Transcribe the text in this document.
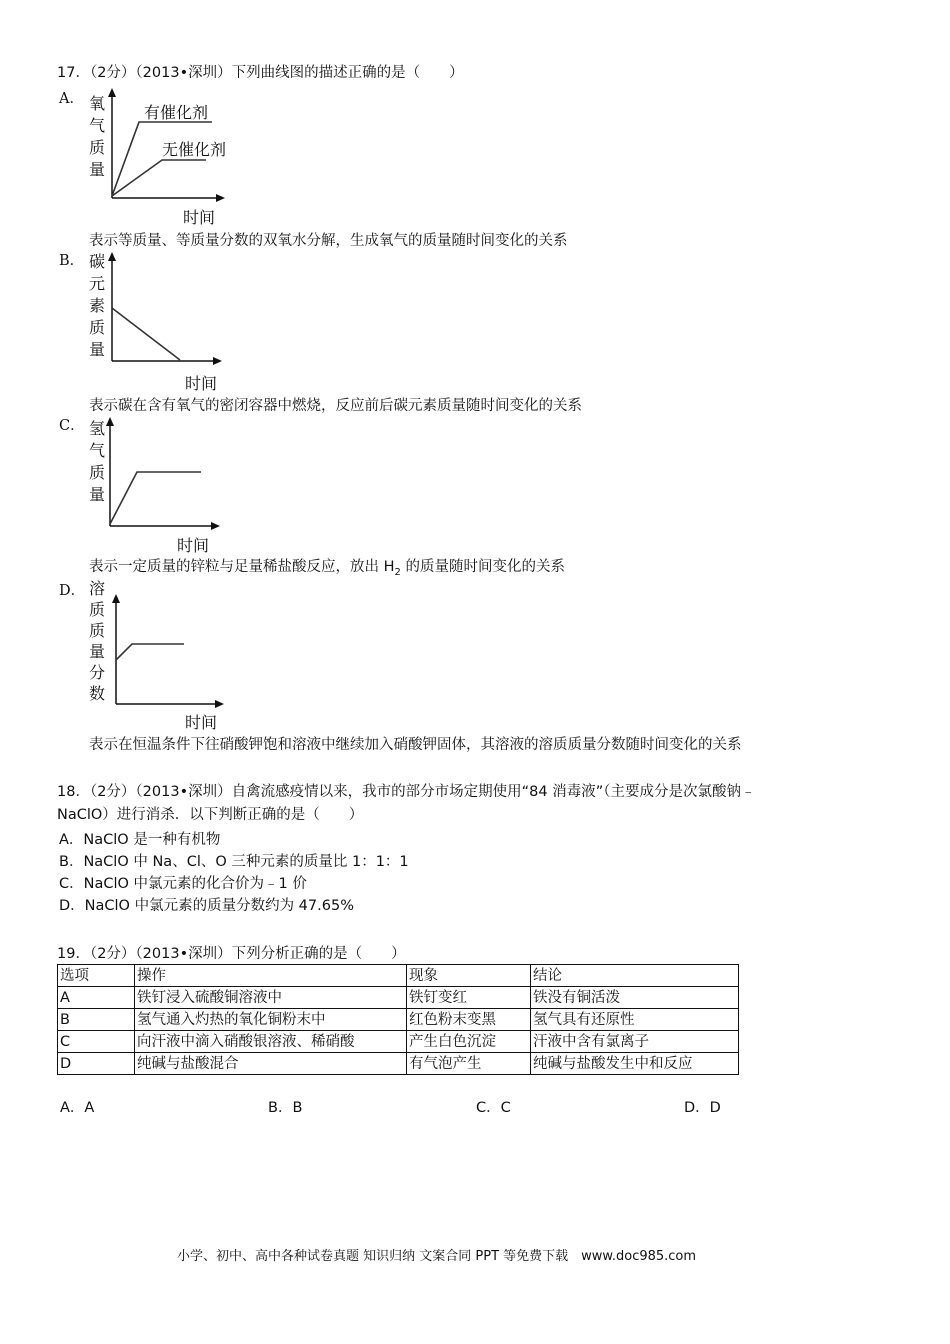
17．（2分）（2013•深圳）下列曲线图的描述正确的是（　　）
A． 氧
气
质
量
有催化剂
无催化剂
时间
表示等质量、等质量分数的双氧水分解，生成氧气的质量随时间变化的关系
B． 碳
元
素
质
量
时间
表示碳在含有氧气的密闭容器中燃烧，反应前后碳元素质量随时间变化的关系
C． 氢
气
质
量
时间
表示一定质量的锌粒与足量稀盐酸反应，放出 $H_2$ 的质量随时间变化的关系
D． 溶
质
质
量
分
数
时间
表示在恒温条件下往硝酸钾饱和溶液中继续加入硝酸钾固体，其溶液的溶质质量分数随时间变化的关系
18．（2分）（2013•深圳）自禽流感疫情以来，我市的部分市场定期使用“84 消毒液”（主要成分是次氯酸钠﹣
NaClO）进行消杀．以下判断正确的是（　　）
A．NaClO 是一种有机物
B．NaClO 中 Na、Cl、O 三种元素的质量比 1：1：1
C．NaClO 中氯元素的化合价为﹣1 价
D．NaClO 中氯元素的质量分数约为 47.65%
19．（2分）（2013•深圳）下列分析正确的是（　　）
选项	操作	现象	结论
A	铁钉浸入硫酸铜溶液中	铁钉变红	铁没有铜活泼
B	氢气通入灼热的氧化铜粉末中	红色粉末变黑	氢气具有还原性
C	向汗液中滴入硝酸银溶液、稀硝酸	产生白色沉淀	汗液中含有氯离子
D	纯碱与盐酸混合	有气泡产生	纯碱与盐酸发生中和反应
A．A	B．B	C．C	D．D
小学、初中、高中各种试卷真题 知识归纳 文案合同 PPT 等免费下载　www.doc985.com
